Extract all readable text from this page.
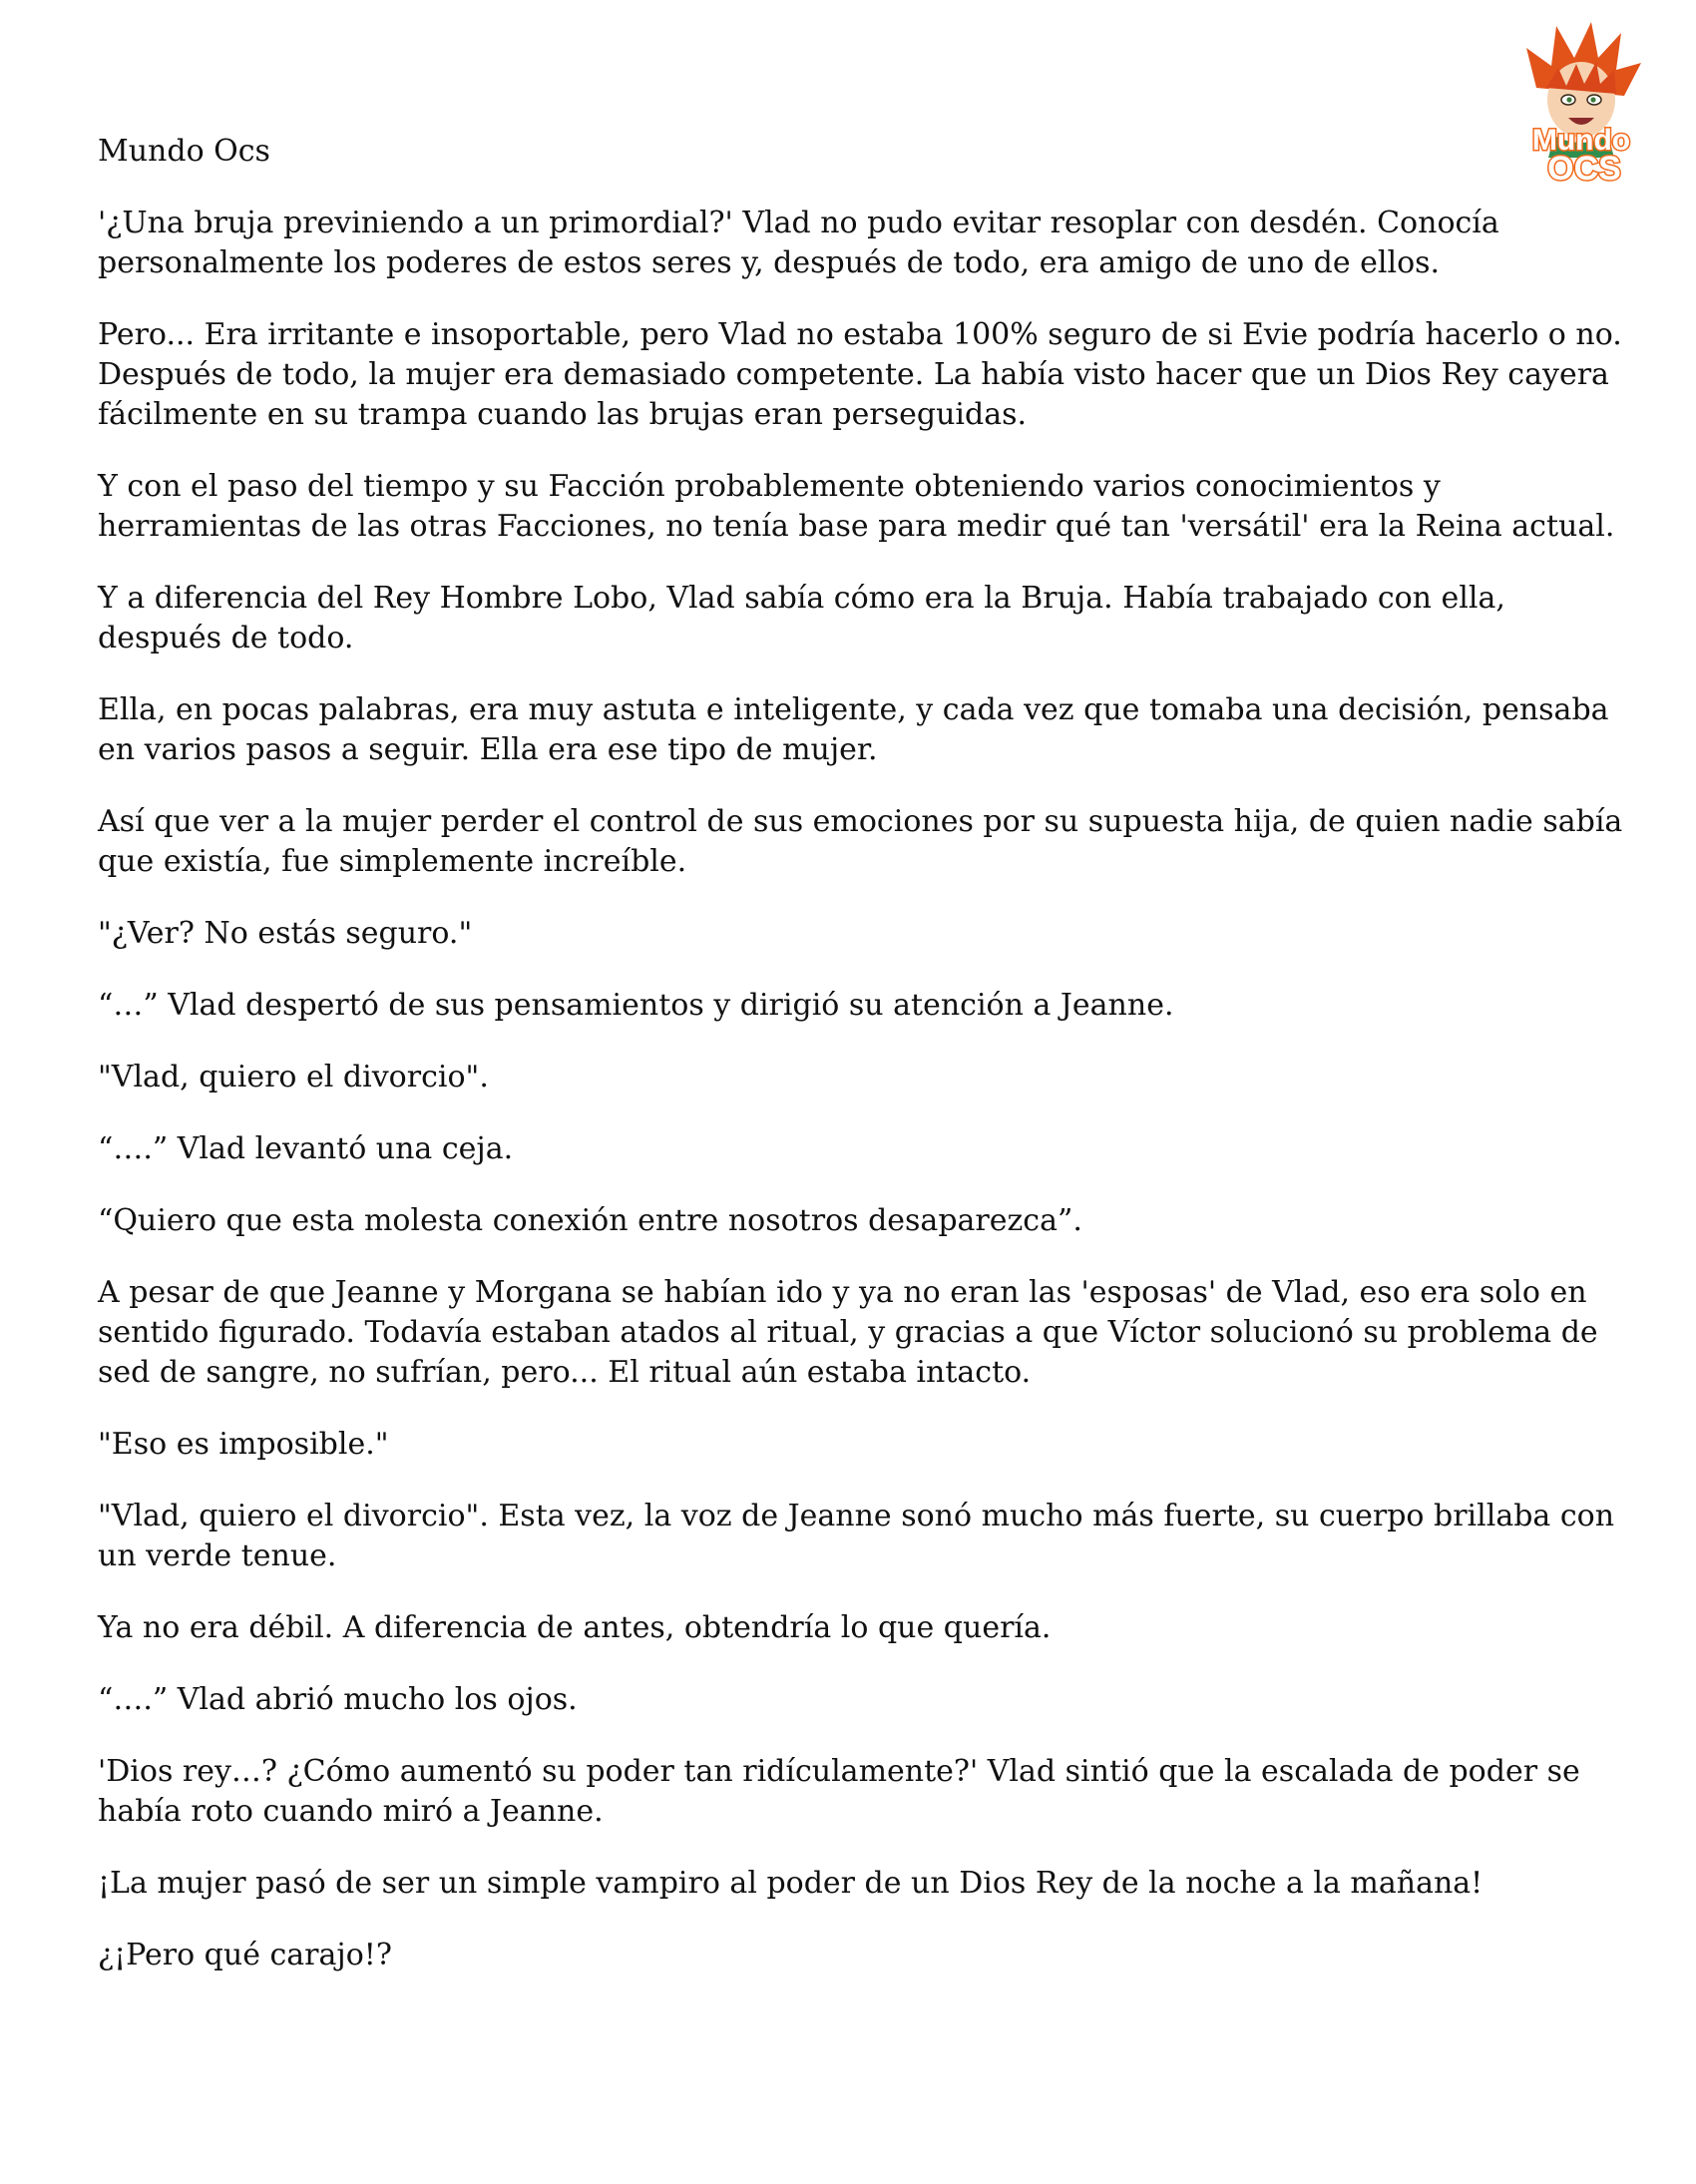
Mundo
OCS

Mundo Ocs

'¿Una bruja previniendo a un primordial?' Vlad no pudo evitar resoplar con desdén. Conocía personalmente los poderes de estos seres y, después de todo, era amigo de uno de ellos.

Pero... Era irritante e insoportable, pero Vlad no estaba 100% seguro de si Evie podría hacerlo o no. Después de todo, la mujer era demasiado competente. La había visto hacer que un Dios Rey cayera fácilmente en su trampa cuando las brujas eran perseguidas.

Y con el paso del tiempo y su Facción probablemente obteniendo varios conocimientos y herramientas de las otras Facciones, no tenía base para medir qué tan 'versátil' era la Reina actual.

Y a diferencia del Rey Hombre Lobo, Vlad sabía cómo era la Bruja. Había trabajado con ella, después de todo.

Ella, en pocas palabras, era muy astuta e inteligente, y cada vez que tomaba una decisión, pensaba en varios pasos a seguir. Ella era ese tipo de mujer.

Así que ver a la mujer perder el control de sus emociones por su supuesta hija, de quien nadie sabía que existía, fue simplemente increíble.

"¿Ver? No estás seguro."

“…” Vlad despertó de sus pensamientos y dirigió su atención a Jeanne.

"Vlad, quiero el divorcio".

“….” Vlad levantó una ceja.

“Quiero que esta molesta conexión entre nosotros desaparezca”.

A pesar de que Jeanne y Morgana se habían ido y ya no eran las 'esposas' de Vlad, eso era solo en sentido figurado. Todavía estaban atados al ritual, y gracias a que Víctor solucionó su problema de sed de sangre, no sufrían, pero... El ritual aún estaba intacto.

"Eso es imposible."

"Vlad, quiero el divorcio". Esta vez, la voz de Jeanne sonó mucho más fuerte, su cuerpo brillaba con un verde tenue.

Ya no era débil. A diferencia de antes, obtendría lo que quería.

“….” Vlad abrió mucho los ojos.

'Dios rey…? ¿Cómo aumentó su poder tan ridículamente?' Vlad sintió que la escalada de poder se había roto cuando miró a Jeanne.

¡La mujer pasó de ser un simple vampiro al poder de un Dios Rey de la noche a la mañana!

¿¡Pero qué carajo!?
